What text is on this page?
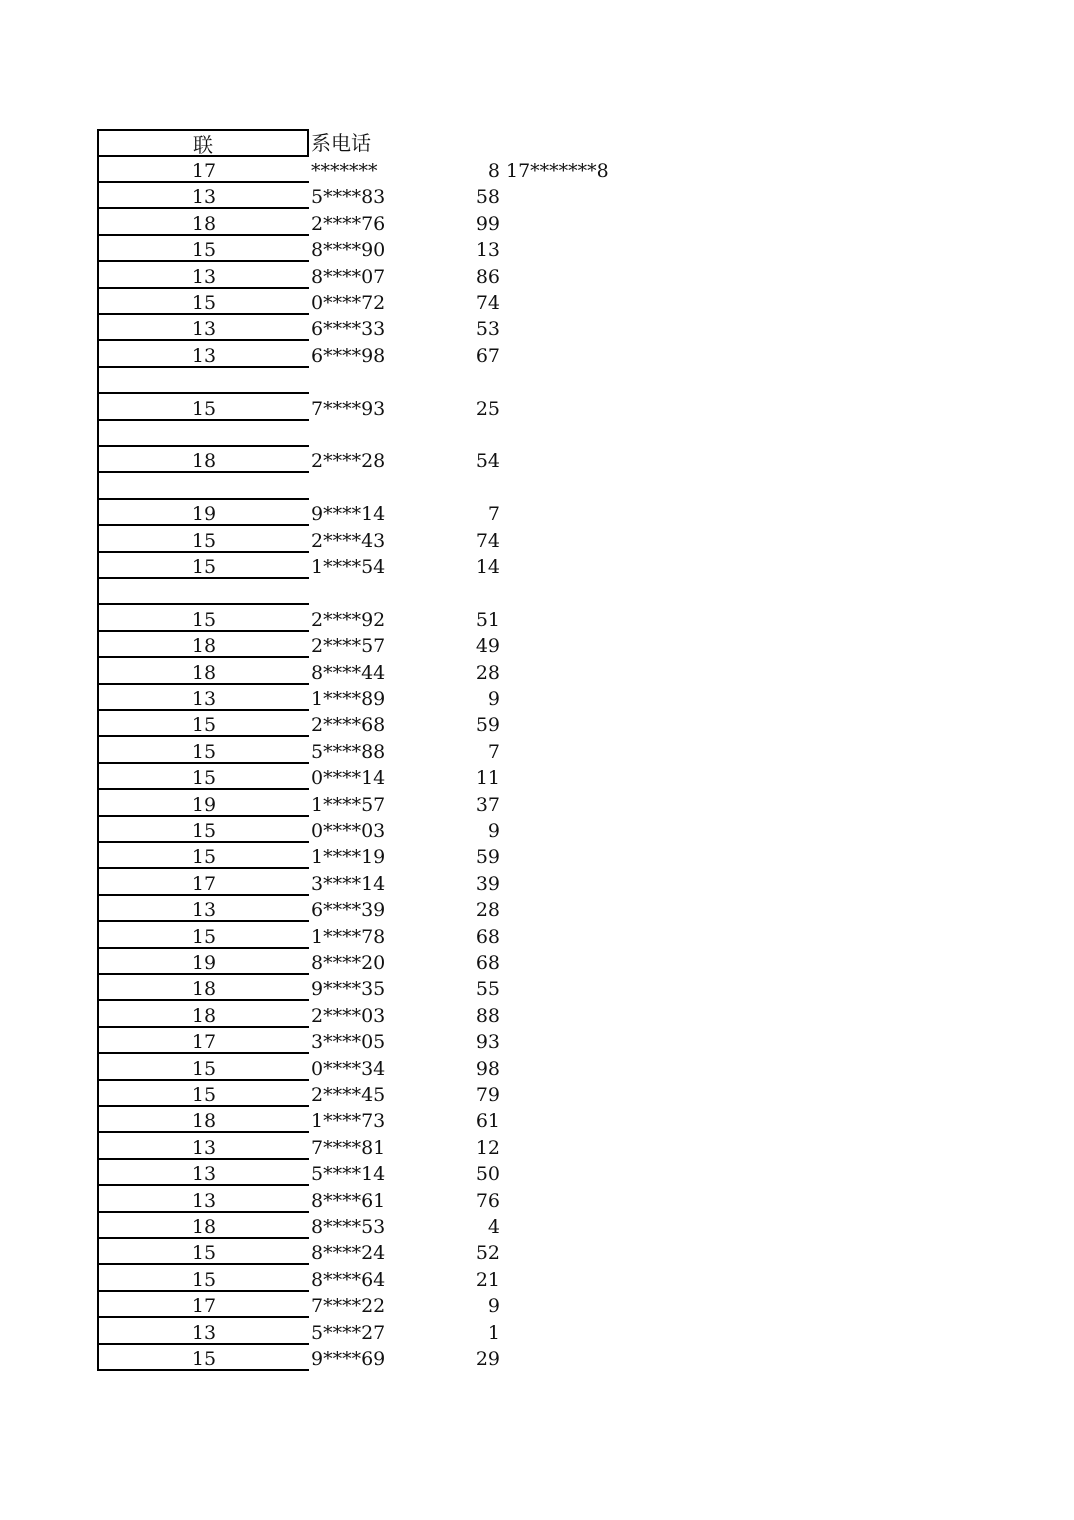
联	系电话
17	*******	8 17*******8
13	5****83	58
18	2****76	99
15	8****90	13
13	8****07	86
15	0****72	74
13	6****33	53
13	6****98	67
15	7****93	25
18	2****28	54
19	9****14	7
15	2****43	74
15	1****54	14
15	2****92	51
18	2****57	49
18	8****44	28
13	1****89	9
15	2****68	59
15	5****88	7
15	0****14	11
19	1****57	37
15	0****03	9
15	1****19	59
17	3****14	39
13	6****39	28
15	1****78	68
19	8****20	68
18	9****35	55
18	2****03	88
17	3****05	93
15	0****34	98
15	2****45	79
18	1****73	61
13	7****81	12
13	5****14	50
13	8****61	76
18	8****53	4
15	8****24	52
15	8****64	21
17	7****22	9
13	5****27	1
15	9****69	29
